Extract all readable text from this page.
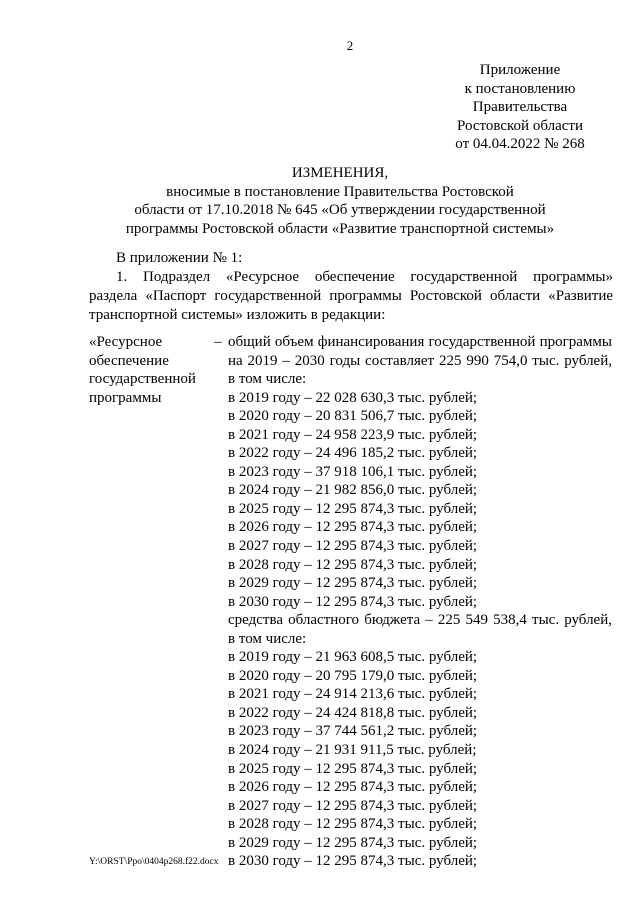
2
Приложение
к постановлению
Правительства
Ростовской области
от 04.04.2022 № 268
ИЗМЕНЕНИЯ,
вносимые в постановление Правительства Ростовской
области от 17.10.2018 № 645 «Об утверждении государственной
программы Ростовской области «Развитие транспортной системы»
В приложении № 1:
1. Подраздел «Ресурсное обеспечение государственной программы»
раздела «Паспорт государственной программы Ростовской области «Развитие
транспортной системы» изложить в редакции:
«Ресурсное
обеспечение
государственной
программы
– общий объем финансирования государственной программы
на 2019 – 2030 годы составляет 225 990 754,0 тыс. рублей,
в том числе:
в 2019 году – 22 028 630,3 тыс. рублей;
в 2020 году – 20 831 506,7 тыс. рублей;
в 2021 году – 24 958 223,9 тыс. рублей;
в 2022 году – 24 496 185,2 тыс. рублей;
в 2023 году – 37 918 106,1 тыс. рублей;
в 2024 году – 21 982 856,0 тыс. рублей;
в 2025 году – 12 295 874,3 тыс. рублей;
в 2026 году – 12 295 874,3 тыс. рублей;
в 2027 году – 12 295 874,3 тыс. рублей;
в 2028 году – 12 295 874,3 тыс. рублей;
в 2029 году – 12 295 874,3 тыс. рублей;
в 2030 году – 12 295 874,3 тыс. рублей;
средства областного бюджета – 225 549 538,4 тыс. рублей,
в том числе:
в 2019 году – 21 963 608,5 тыс. рублей;
в 2020 году – 20 795 179,0 тыс. рублей;
в 2021 году – 24 914 213,6 тыс. рублей;
в 2022 году – 24 424 818,8 тыс. рублей;
в 2023 году – 37 744 561,2 тыс. рублей;
в 2024 году – 21 931 911,5 тыс. рублей;
в 2025 году – 12 295 874,3 тыс. рублей;
в 2026 году – 12 295 874,3 тыс. рублей;
в 2027 году – 12 295 874,3 тыс. рублей;
в 2028 году – 12 295 874,3 тыс. рублей;
в 2029 году – 12 295 874,3 тыс. рублей;
в 2030 году – 12 295 874,3 тыс. рублей;
Y:\ORST\Ppo\0404p268.f22.docx
